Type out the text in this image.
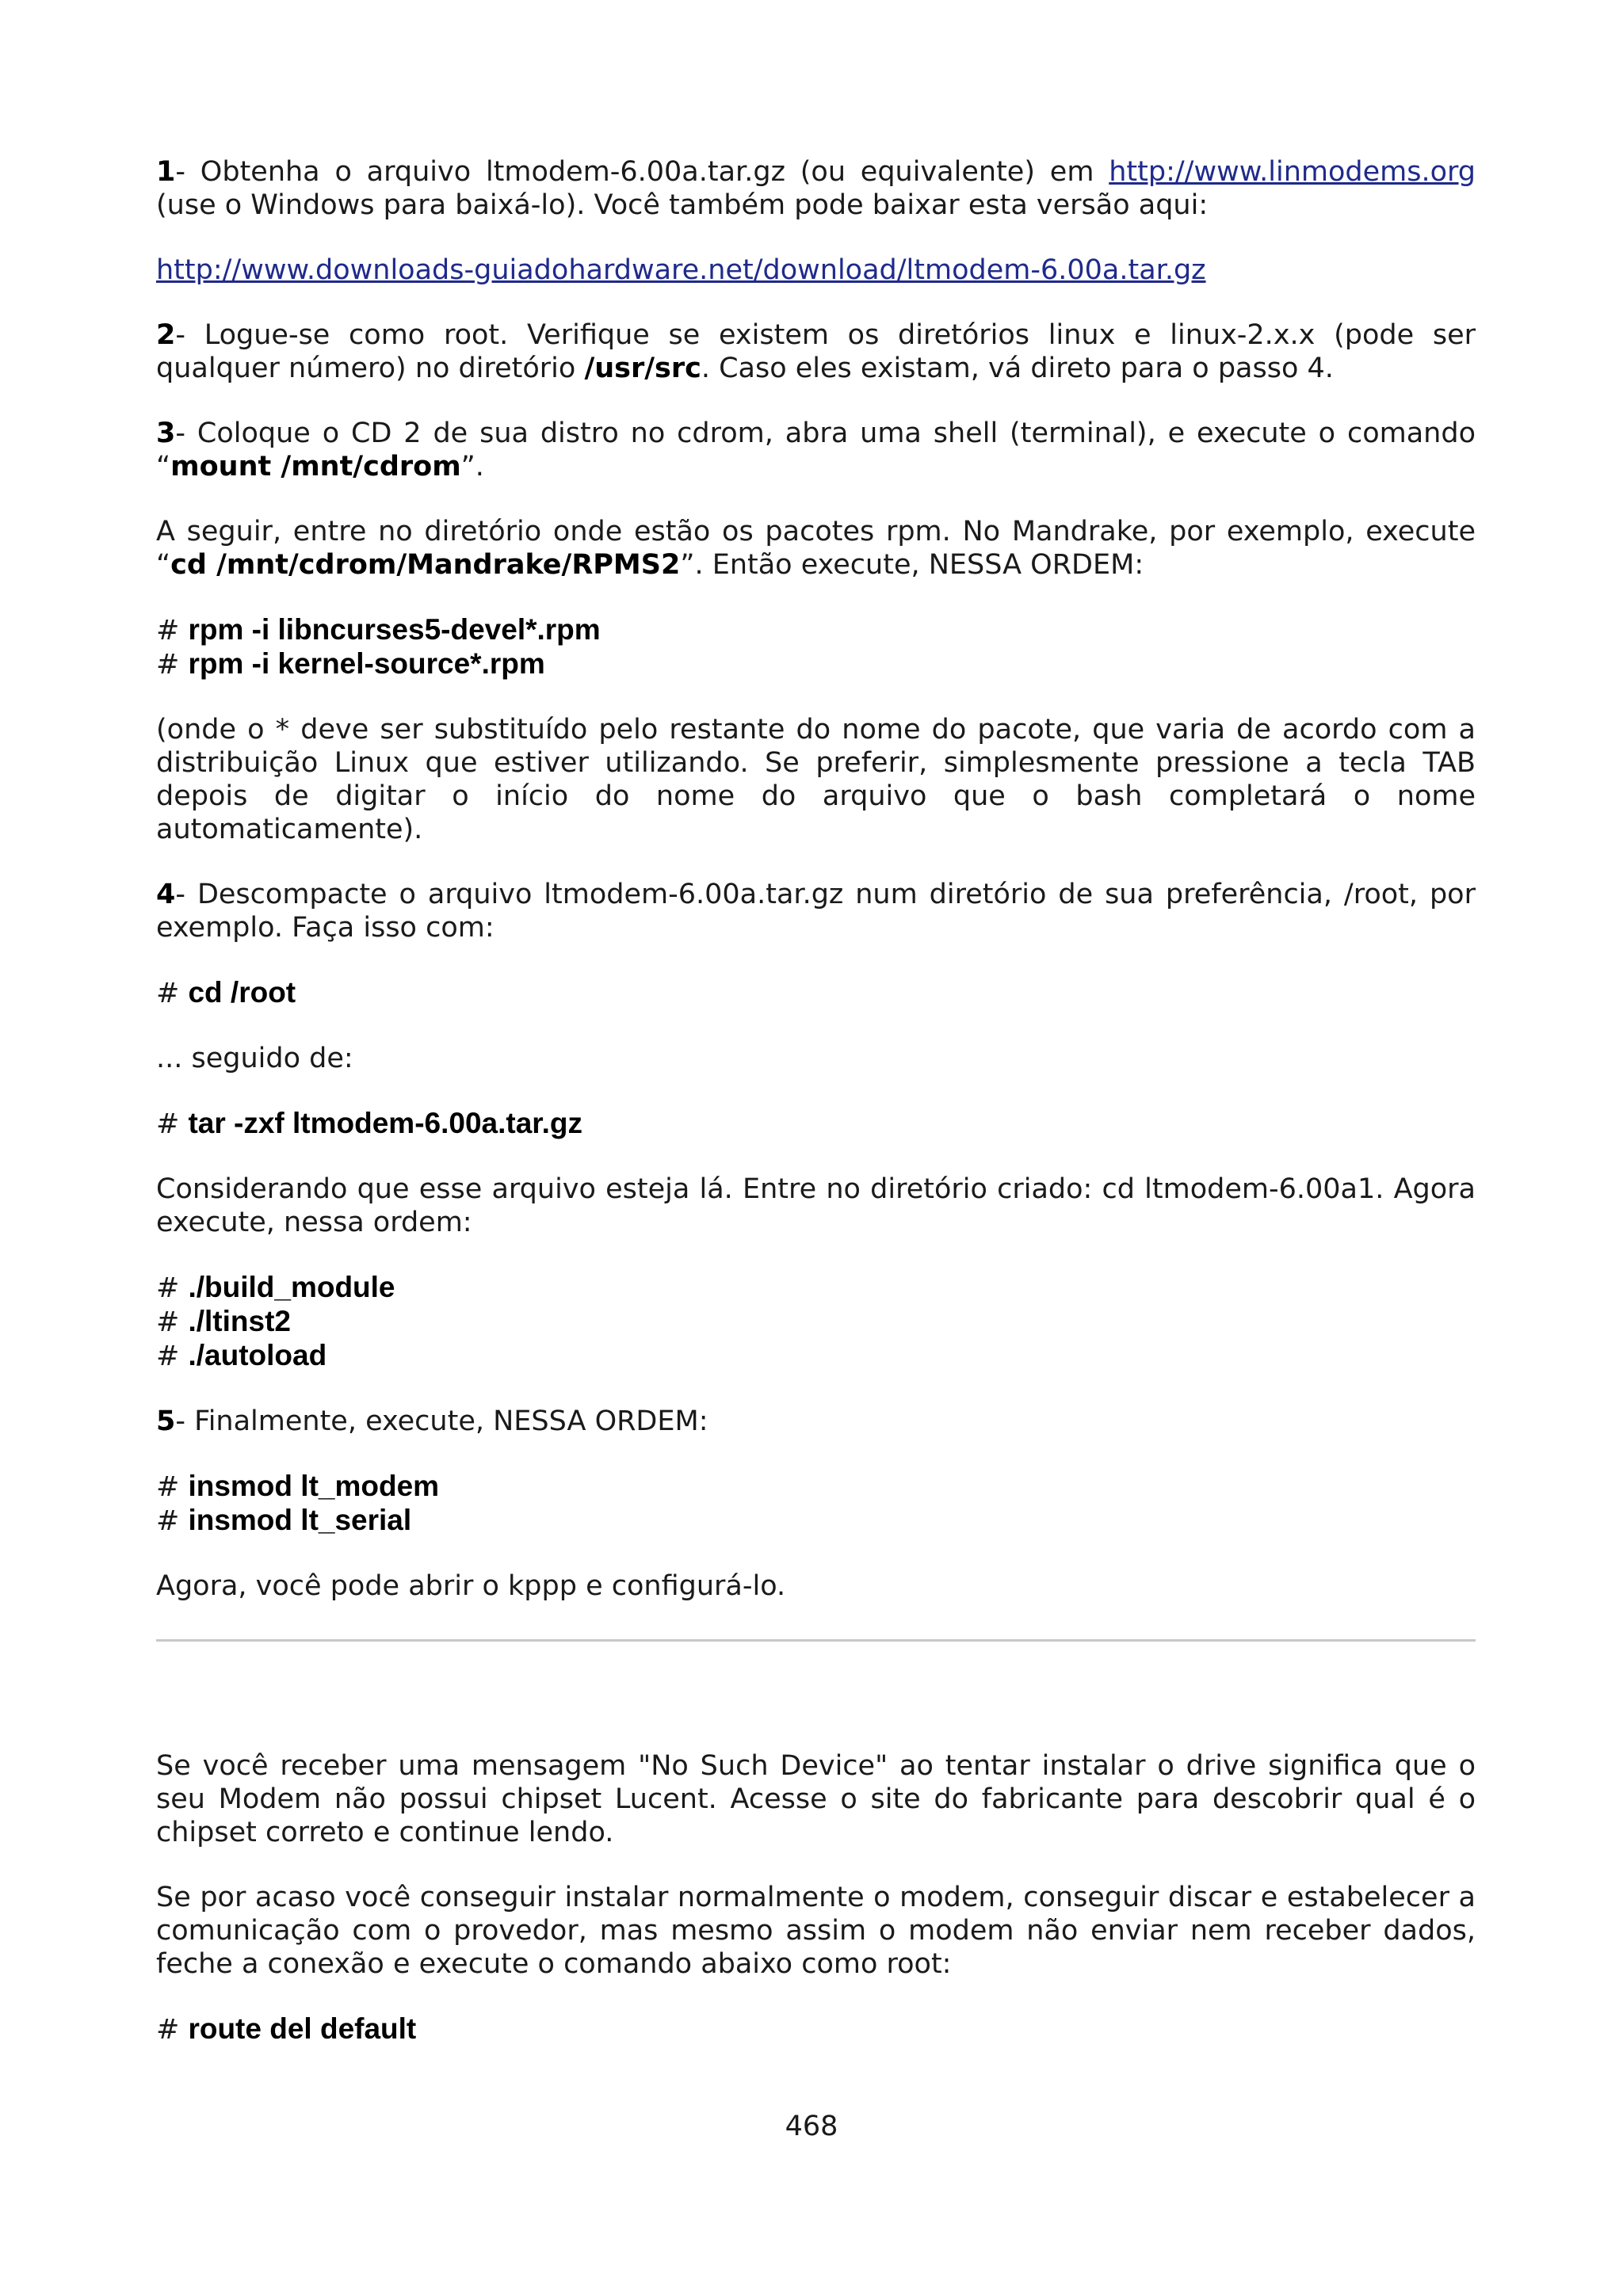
1- Obtenha o arquivo ltmodem-6.00a.tar.gz (ou equivalente) em http://www.linmodems.org (use o Windows para baixá-lo). Você também pode baixar esta versão aqui:

http://www.downloads-guiadohardware.net/download/ltmodem-6.00a.tar.gz

2- Logue-se como root. Verifique se existem os diretórios linux e linux-2.x.x (pode ser qualquer número) no diretório /usr/src. Caso eles existam, vá direto para o passo 4.

3- Coloque o CD 2 de sua distro no cdrom, abra uma shell (terminal), e execute o comando “mount /mnt/cdrom”.

A seguir, entre no diretório onde estão os pacotes rpm. No Mandrake, por exemplo, execute “cd /mnt/cdrom/Mandrake/RPMS2”. Então execute, NESSA ORDEM:

# rpm -i libncurses5-devel*.rpm
# rpm -i kernel-source*.rpm

(onde o * deve ser substituído pelo restante do nome do pacote, que varia de acordo com a distribuição Linux que estiver utilizando. Se preferir, simplesmente pressione a tecla TAB depois de digitar o início do nome do arquivo que o bash completará o nome automaticamente).

4- Descompacte o arquivo ltmodem-6.00a.tar.gz num diretório de sua preferência, /root, por exemplo. Faça isso com:

# cd /root

... seguido de:

# tar -zxf ltmodem-6.00a.tar.gz

Considerando que esse arquivo esteja lá. Entre no diretório criado: cd ltmodem-6.00a1. Agora execute, nessa ordem:

# ./build_module
# ./ltinst2
# ./autoload

5- Finalmente, execute, NESSA ORDEM:

# insmod lt_modem
# insmod lt_serial

Agora, você pode abrir o kppp e configurá-lo.

Se você receber uma mensagem "No Such Device" ao tentar instalar o drive significa que o seu Modem não possui chipset Lucent. Acesse o site do fabricante para descobrir qual é o chipset correto e continue lendo.

Se por acaso você conseguir instalar normalmente o modem, conseguir discar e estabelecer a comunicação com o provedor, mas mesmo assim o modem não enviar nem receber dados, feche a conexão e execute o comando abaixo como root:

# route del default
468
